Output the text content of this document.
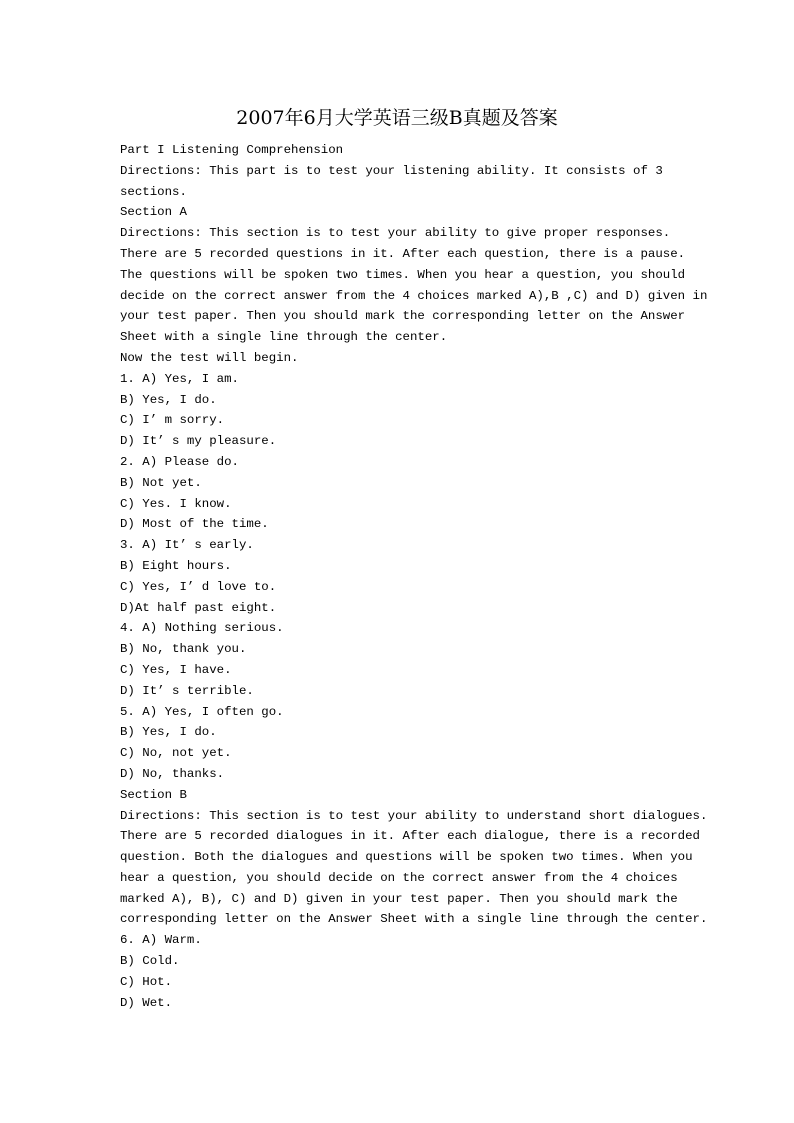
2007年6月大学英语三级B真题及答案
Part I Listening Comprehension
Directions: This part is to test your listening ability. It consists of 3
sections.
Section A
Directions: This section is to test your ability to give proper responses.
There are 5 recorded questions in it. After each question, there is a pause.
The questions will be spoken two times. When you hear a question, you should
decide on the correct answer from the 4 choices marked A),B ,C) and D) given in
your test paper. Then you should mark the corresponding letter on the Answer
Sheet with a single line through the center.
Now the test will begin.
1. A) Yes, I am.
B) Yes, I do.
C) I’ m sorry.
D) It’ s my pleasure.
2. A) Please do.
B) Not yet.
C) Yes. I know.
D) Most of the time.
3. A) It’ s early.
B) Eight hours.
C) Yes, I’ d love to.
D)At half past eight.
4. A) Nothing serious.
B) No, thank you.
C) Yes, I have.
D) It’ s terrible.
5. A) Yes, I often go.
B) Yes, I do.
C) No, not yet.
D) No, thanks.
Section B
Directions: This section is to test your ability to understand short dialogues.
There are 5 recorded dialogues in it. After each dialogue, there is a recorded
question. Both the dialogues and questions will be spoken two times. When you
hear a question, you should decide on the correct answer from the 4 choices
marked A), B), C) and D) given in your test paper. Then you should mark the
corresponding letter on the Answer Sheet with a single line through the center.
6. A) Warm.
B) Cold.
C) Hot.
D) Wet.
